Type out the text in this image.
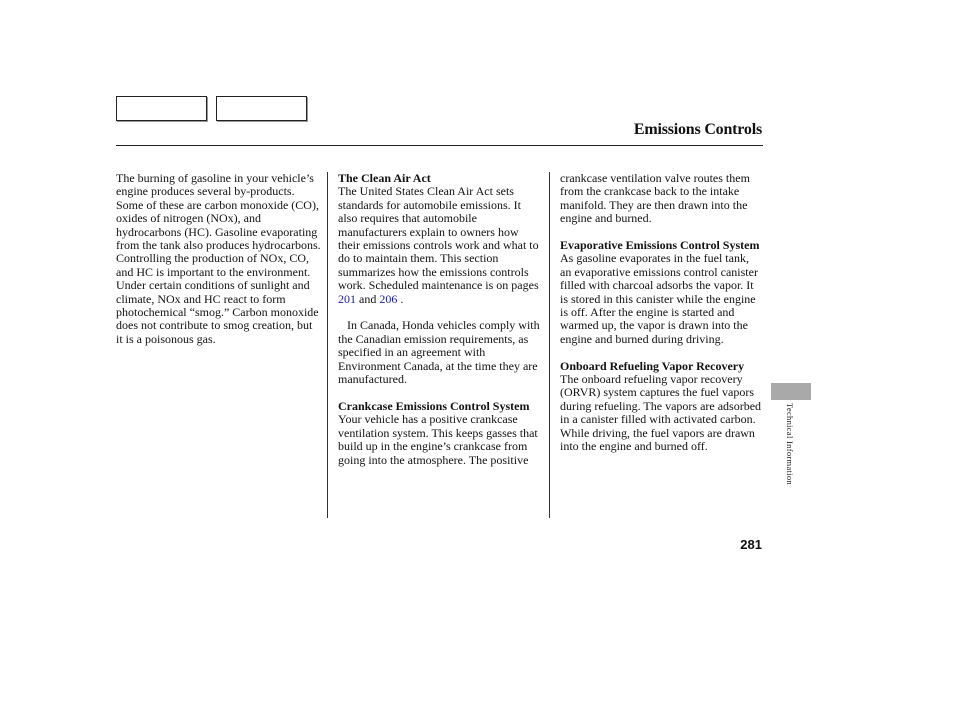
Emissions Controls

The burning of gasoline in your vehicle’s engine produces several by-products. Some of these are carbon monoxide (CO), oxides of nitrogen (NOx), and hydrocarbons (HC). Gasoline evaporating from the tank also produces hydrocarbons. Controlling the production of NOx, CO, and HC is important to the environment. Under certain conditions of sunlight and climate, NOx and HC react to form photochemical “smog.” Carbon monoxide does not contribute to smog creation, but it is a poisonous gas.

The Clean Air Act

The United States Clean Air Act sets standards for automobile emissions. It also requires that automobile manufacturers explain to owners how their emissions controls work and what to do to maintain them. This section summarizes how the emissions controls work. Scheduled maintenance is on pages
201 and 206 .

In Canada, Honda vehicles comply with the Canadian emission requirements, as specified in an agreement with Environment Canada, at the time they are manufactured.

Crankcase Emissions Control System

Your vehicle has a positive crankcase ventilation system. This keeps gasses that build up in the engine’s crankcase from going into the atmosphere. The positive

crankcase ventilation valve routes them from the crankcase back to the intake manifold. They are then drawn into the engine and burned.

Evaporative Emissions Control System

As gasoline evaporates in the fuel tank, an evaporative emissions control canister filled with charcoal adsorbs the vapor. It is stored in this canister while the engine is off. After the engine is started and warmed up, the vapor is drawn into the engine and burned during driving.

Onboard Refueling Vapor Recovery

The onboard refueling vapor recovery (ORVR) system captures the fuel vapors during refueling. The vapors are adsorbed in a canister filled with activated carbon. While driving, the fuel vapors are drawn into the engine and burned off.	Technical Information
281
